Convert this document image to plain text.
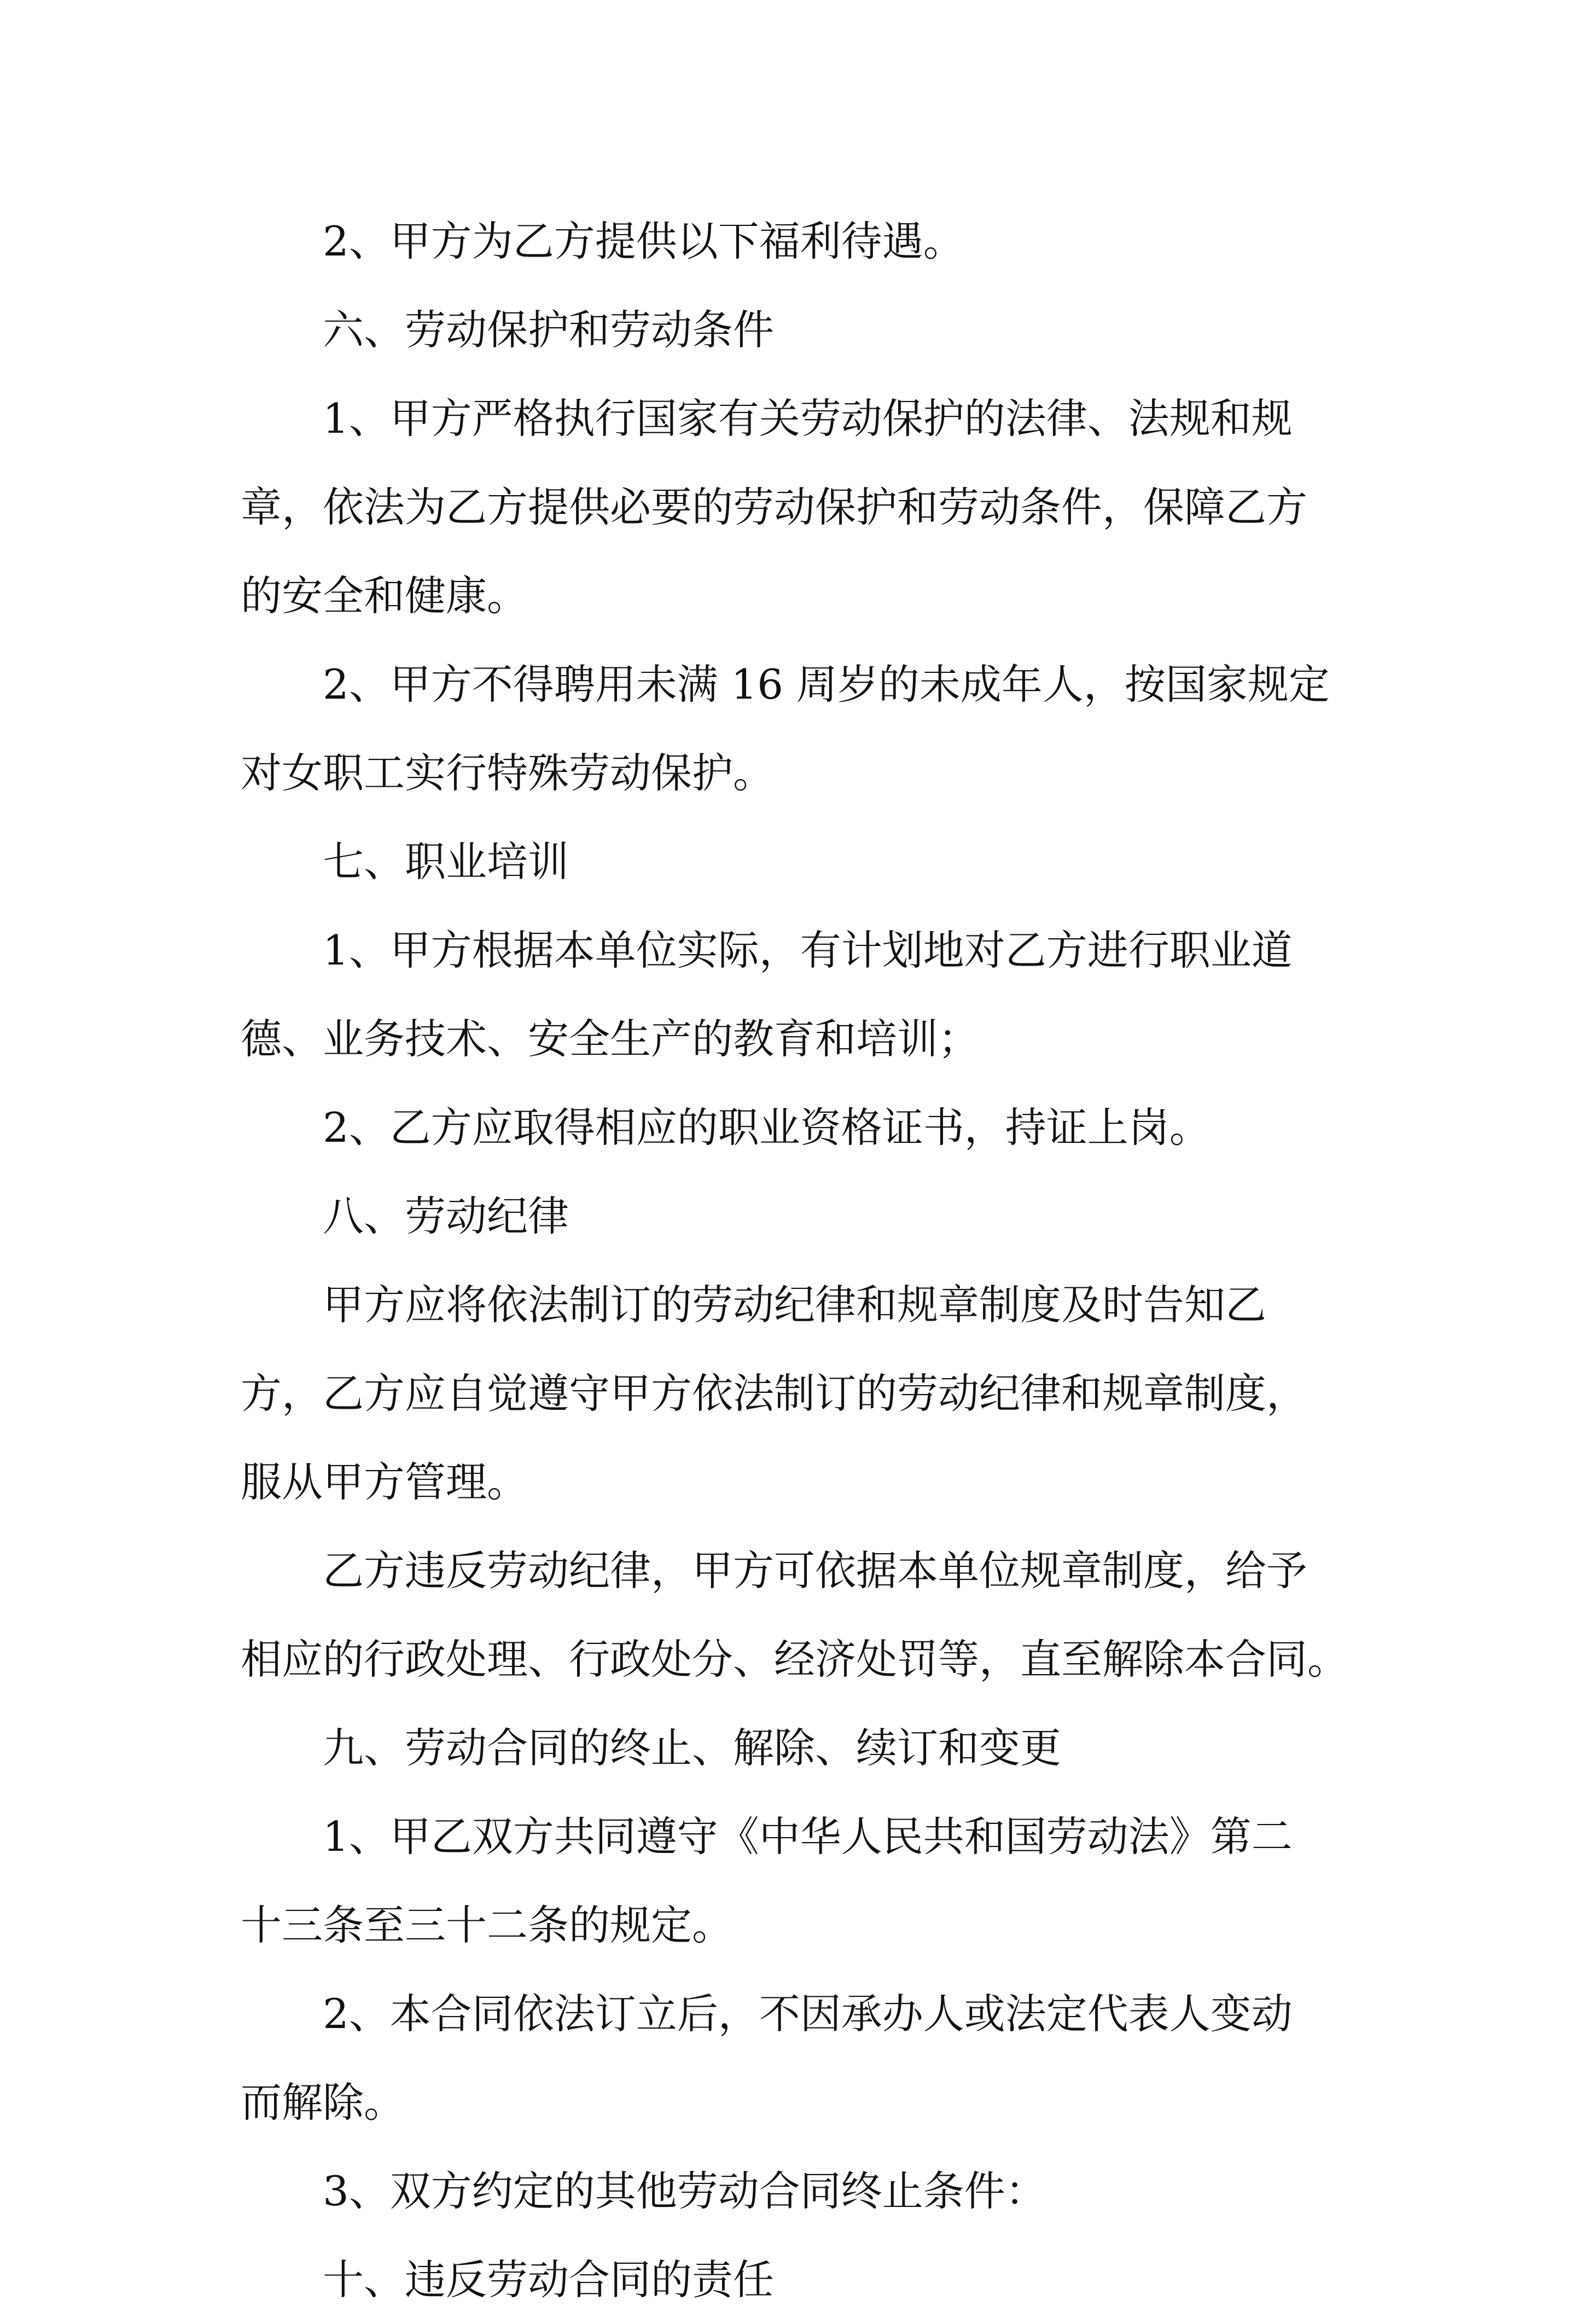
2、甲方为乙方提供以下福利待遇。
六、劳动保护和劳动条件
1、甲方严格执行国家有关劳动保护的法律、法规和规
章，依法为乙方提供必要的劳动保护和劳动条件，保障乙方
的安全和健康。
2、甲方不得聘用未满 16 周岁的未成年人，按国家规定
对女职工实行特殊劳动保护。
七、职业培训
1、甲方根据本单位实际，有计划地对乙方进行职业道
德、业务技术、安全生产的教育和培训；
2、乙方应取得相应的职业资格证书，持证上岗。
八、劳动纪律
甲方应将依法制订的劳动纪律和规章制度及时告知乙
方，乙方应自觉遵守甲方依法制订的劳动纪律和规章制度，
服从甲方管理。
乙方违反劳动纪律，甲方可依据本单位规章制度，给予
相应的行政处理、行政处分、经济处罚等，直至解除本合同。
九、劳动合同的终止、解除、续订和变更
1、甲乙双方共同遵守《中华人民共和国劳动法》第二
十三条至三十二条的规定。
2、本合同依法订立后，不因承办人或法定代表人变动
而解除。
3、双方约定的其他劳动合同终止条件：
十、违反劳动合同的责任
